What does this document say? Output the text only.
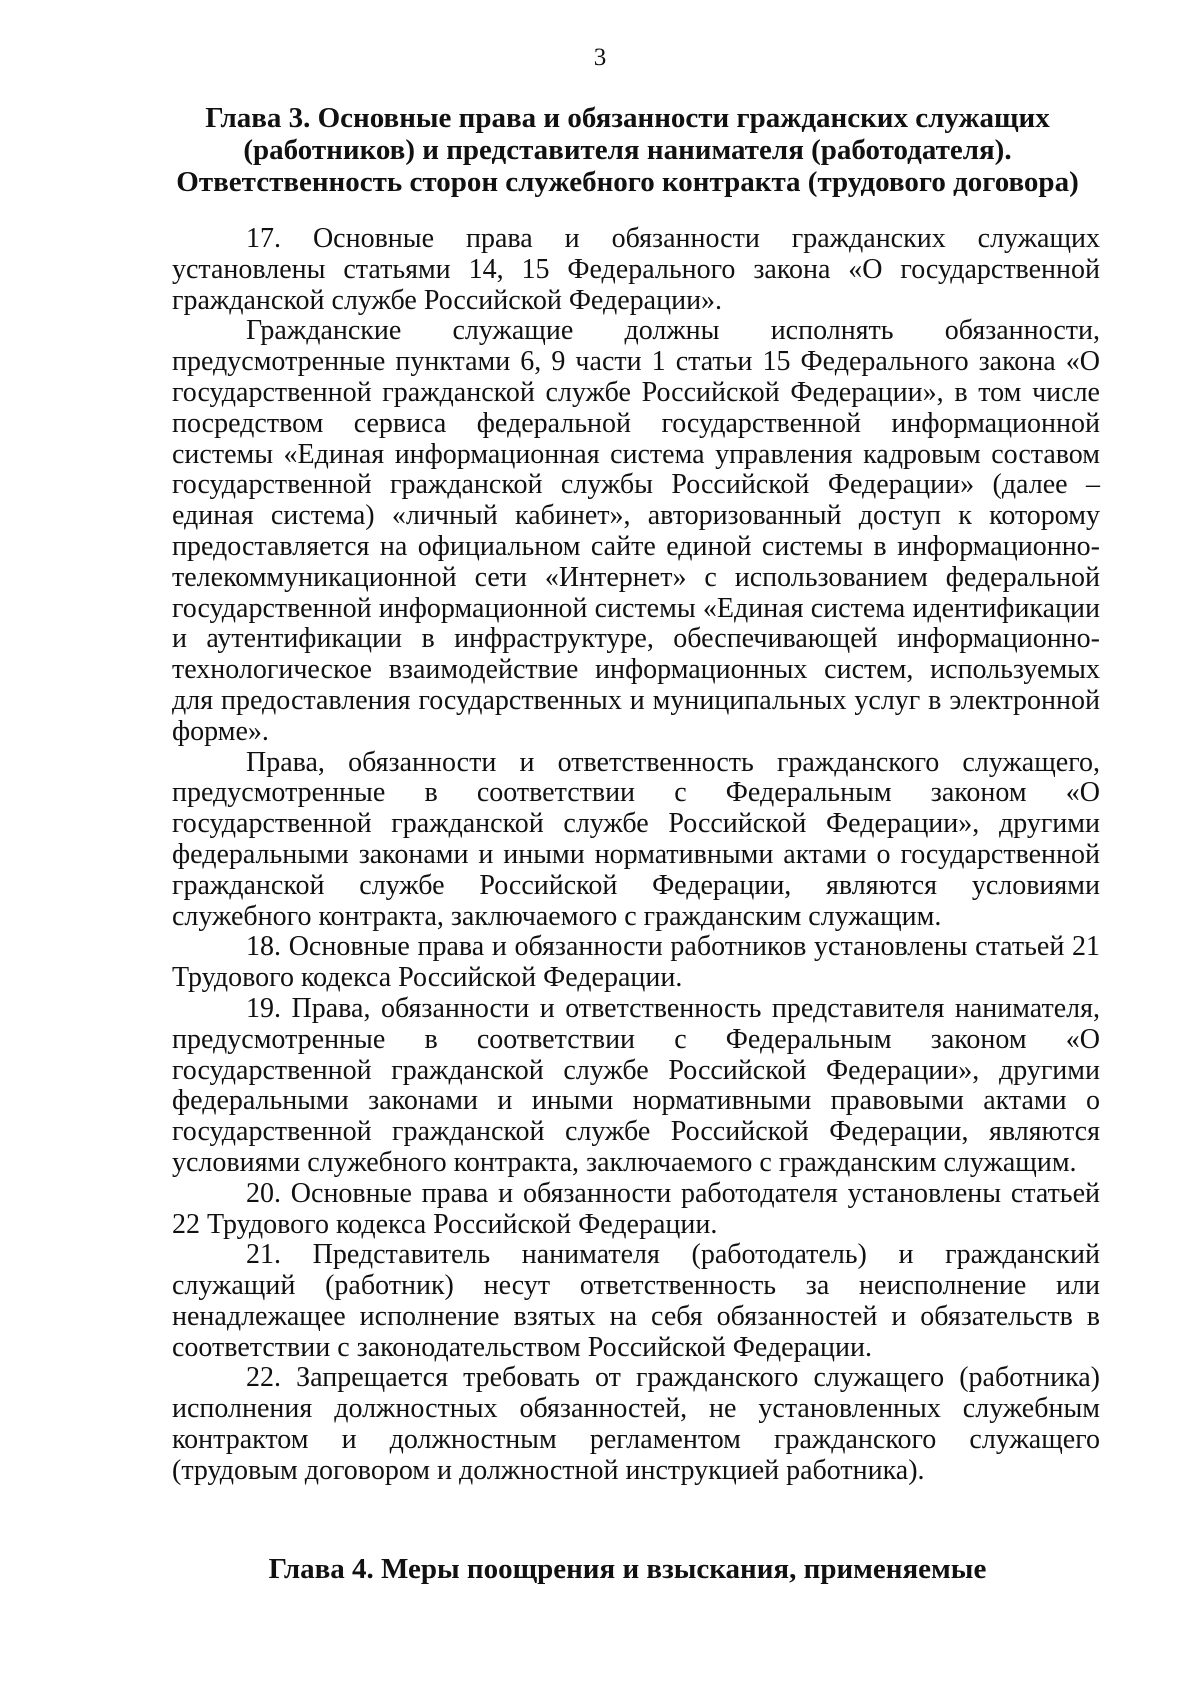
3
Глава 3. Основные права и обязанности гражданских служащих
(работников) и представителя нанимателя (работодателя).
Ответственность сторон служебного контракта (трудового договора)

17. Основные права и обязанности гражданских служащих установлены статьями 14, 15 Федерального закона «О государственной гражданской службе Российской Федерации».

Гражданские служащие должны исполнять обязанности, предусмотренные пунктами 6, 9 части 1 статьи 15 Федерального закона «О государственной гражданской службе Российской Федерации», в том числе посредством сервиса федеральной государственной информационной системы «Единая информационная система управления кадровым составом государственной гражданской службы Российской Федерации» (далее – единая система) «личный кабинет», авторизованный доступ к которому предоставляется на официальном сайте единой системы в информационно-телекоммуникационной сети «Интернет» с использованием федеральной государственной информационной системы «Единая система идентификации и аутентификации в инфраструктуре, обеспечивающей информационно-технологическое взаимодействие информационных систем, используемых для предоставления государственных и муниципальных услуг в электронной форме».

Права, обязанности и ответственность гражданского служащего, предусмотренные в соответствии с Федеральным законом «О государственной гражданской службе Российской Федерации», другими федеральными законами и иными нормативными актами о государственной гражданской службе Российской Федерации, являются условиями служебного контракта, заключаемого с гражданским служащим.

18. Основные права и обязанности работников установлены статьей 21 Трудового кодекса Российской Федерации.

19. Права, обязанности и ответственность представителя нанимателя, предусмотренные в соответствии с Федеральным законом «О государственной гражданской службе Российской Федерации», другими федеральными законами и иными нормативными правовыми актами о государственной гражданской службе Российской Федерации, являются условиями служебного контракта, заключаемого с гражданским служащим.

20. Основные права и обязанности работодателя установлены статьей 22 Трудового кодекса Российской Федерации.

21. Представитель нанимателя (работодатель) и гражданский служащий (работник) несут ответственность за неисполнение или ненадлежащее исполнение взятых на себя обязанностей и обязательств в соответствии с законодательством Российской Федерации.

22. Запрещается требовать от гражданского служащего (работника) исполнения должностных обязанностей, не установленных служебным контрактом и должностным регламентом гражданского служащего (трудовым договором и должностной инструкцией работника).

Глава 4. Меры поощрения и взыскания, применяемые
